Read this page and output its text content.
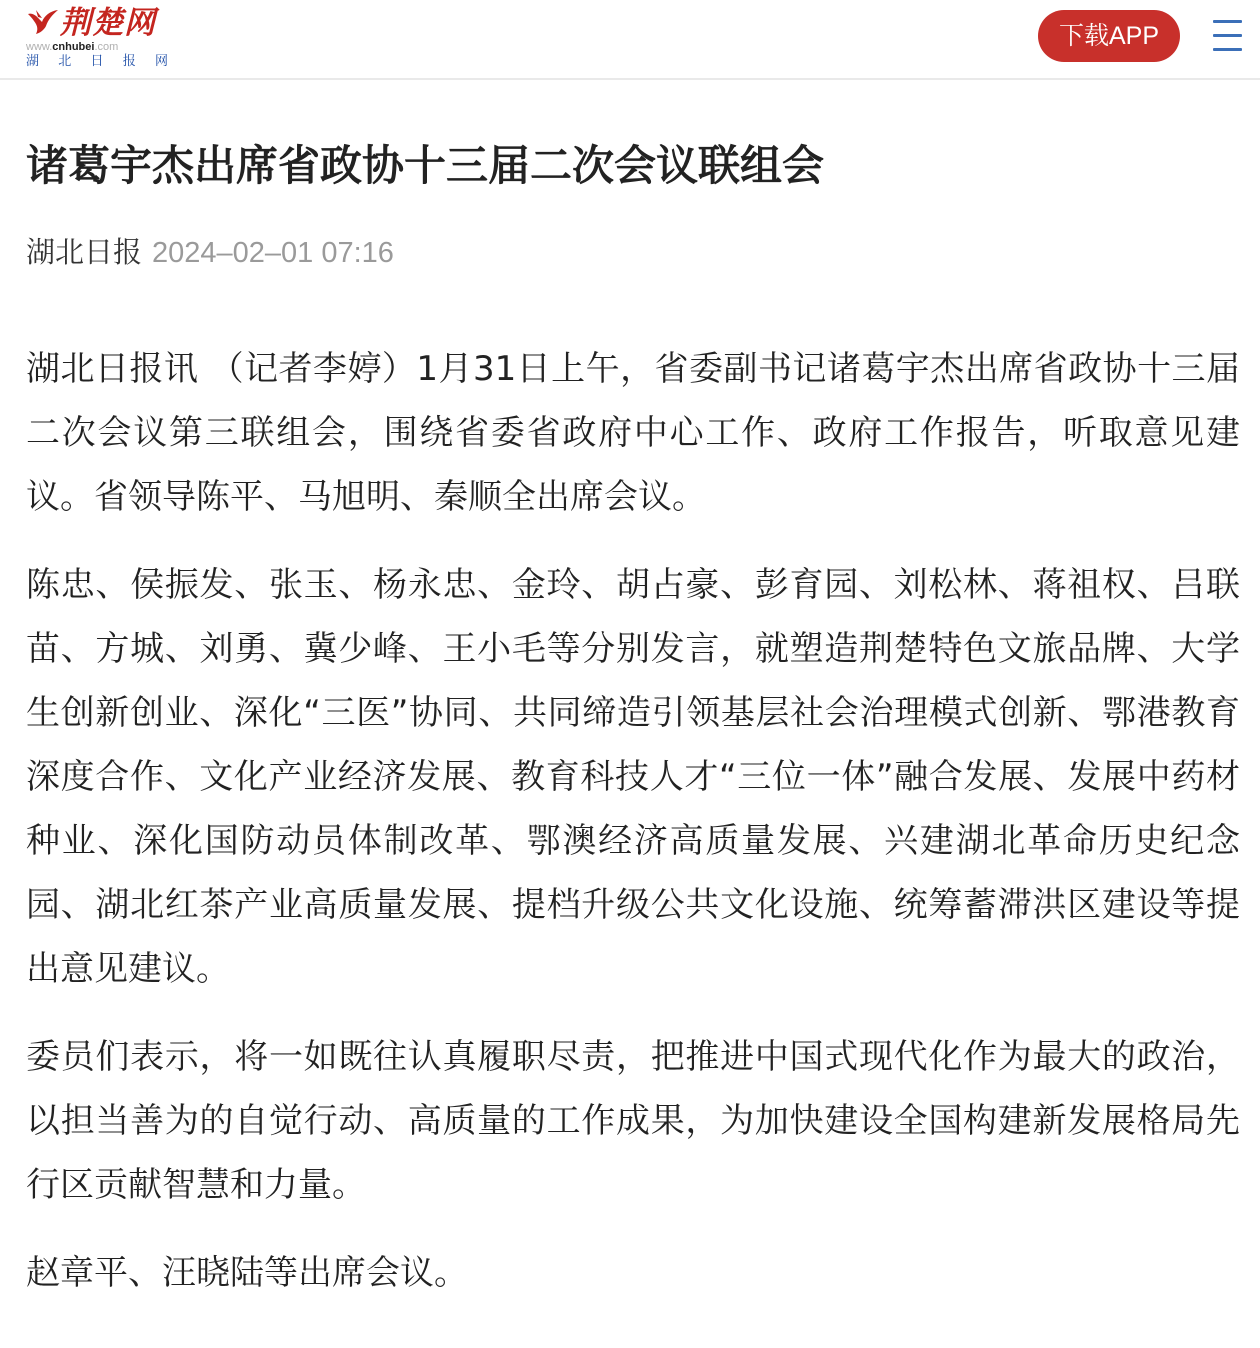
荆楚网
www.cnhubei.com
湖 北 日 报 网
下载APP
诸葛宇杰出席省政协十三届二次会议联组会
湖北日报 2024–02–01 07:16

湖北日报讯 （记者李婷）1月31日上午，省委副书记诸葛宇杰出席省政协十三届二次会议第三联组会，围绕省委省政府中心工作、政府工作报告，听取意见建议。省领导陈平、马旭明、秦顺全出席会议。

陈忠、侯振发、张玉、杨永忠、金玲、胡占豪、彭育园、刘松林、蒋祖权、吕联苗、方城、刘勇、冀少峰、王小毛等分别发言，就塑造荆楚特色文旅品牌、大学生创新创业、深化“三医”协同、共同缔造引领基层社会治理模式创新、鄂港教育深度合作、文化产业经济发展、教育科技人才“三位一体”融合发展、发展中药材种业、深化国防动员体制改革、鄂澳经济高质量发展、兴建湖北革命历史纪念园、湖北红茶产业高质量发展、提档升级公共文化设施、统筹蓄滞洪区建设等提出意见建议。

委员们表示，将一如既往认真履职尽责，把推进中国式现代化作为最大的政治，以担当善为的自觉行动、高质量的工作成果，为加快建设全国构建新发展格局先行区贡献智慧和力量。

赵章平、汪晓陆等出席会议。
